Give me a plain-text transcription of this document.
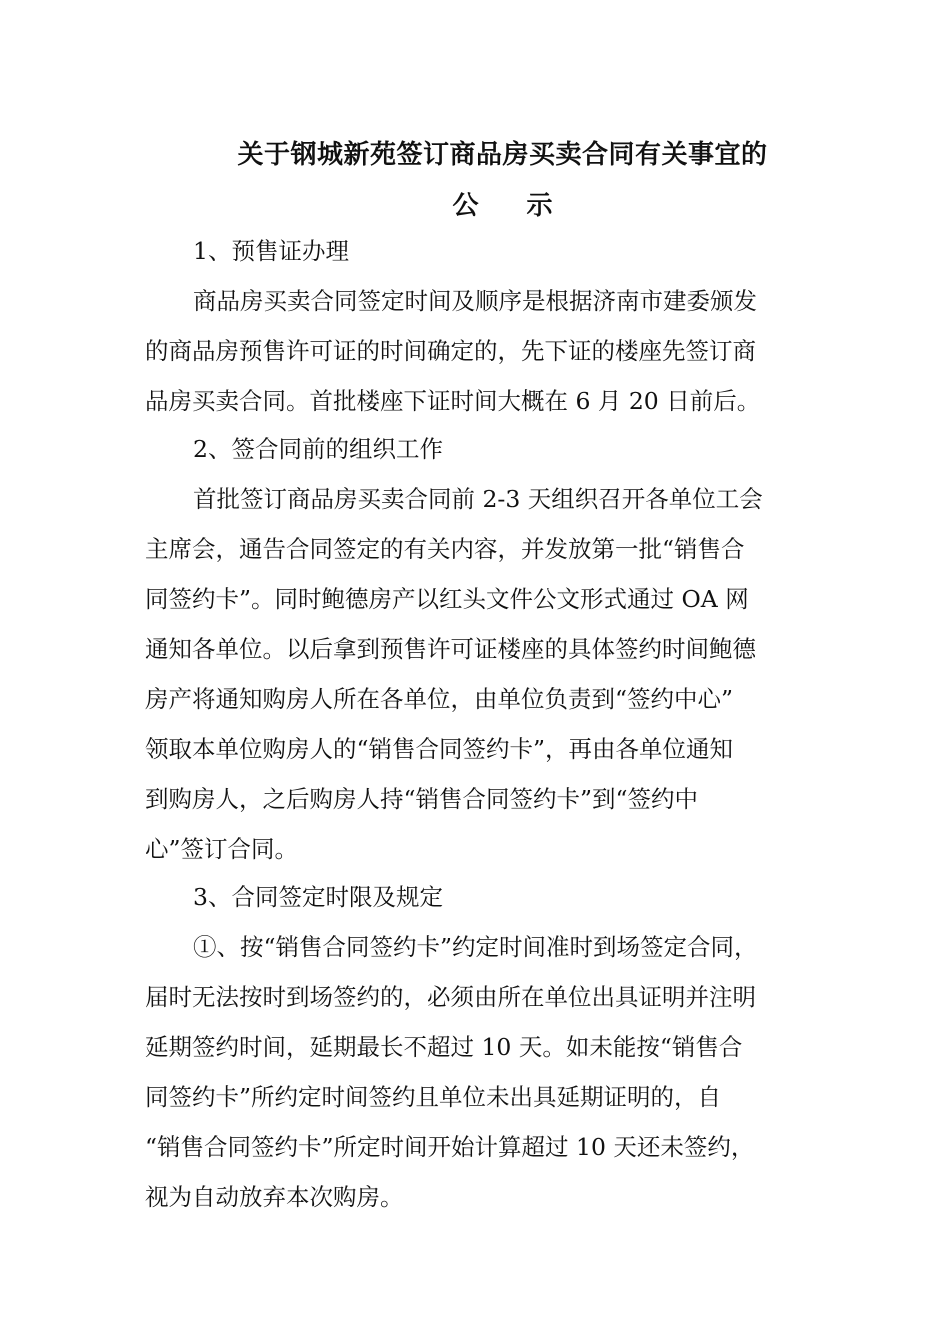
关于钢城新苑签订商品房买卖合同有关事宜的
公 示
1、预售证办理
商品房买卖合同签定时间及顺序是根据济南市建委颁发
的商品房预售许可证的时间确定的，先下证的楼座先签订商
品房买卖合同。首批楼座下证时间大概在 6 月 20 日前后。
2、签合同前的组织工作
首批签订商品房买卖合同前 2-3 天组织召开各单位工会
主席会，通告合同签定的有关内容，并发放第一批“销售合
同签约卡”。同时鲍德房产以红头文件公文形式通过 OA 网
通知各单位。以后拿到预售许可证楼座的具体签约时间鲍德
房产将通知购房人所在各单位，由单位负责到“签约中心”
领取本单位购房人的“销售合同签约卡”，再由各单位通知
到购房人，之后购房人持“销售合同签约卡”到“签约中
心”签订合同。
3、合同签定时限及规定
①、按“销售合同签约卡”约定时间准时到场签定合同，
届时无法按时到场签约的，必须由所在单位出具证明并注明
延期签约时间，延期最长不超过 10 天。如未能按“销售合
同签约卡”所约定时间签约且单位未出具延期证明的，自
“销售合同签约卡”所定时间开始计算超过 10 天还未签约，
视为自动放弃本次购房。
